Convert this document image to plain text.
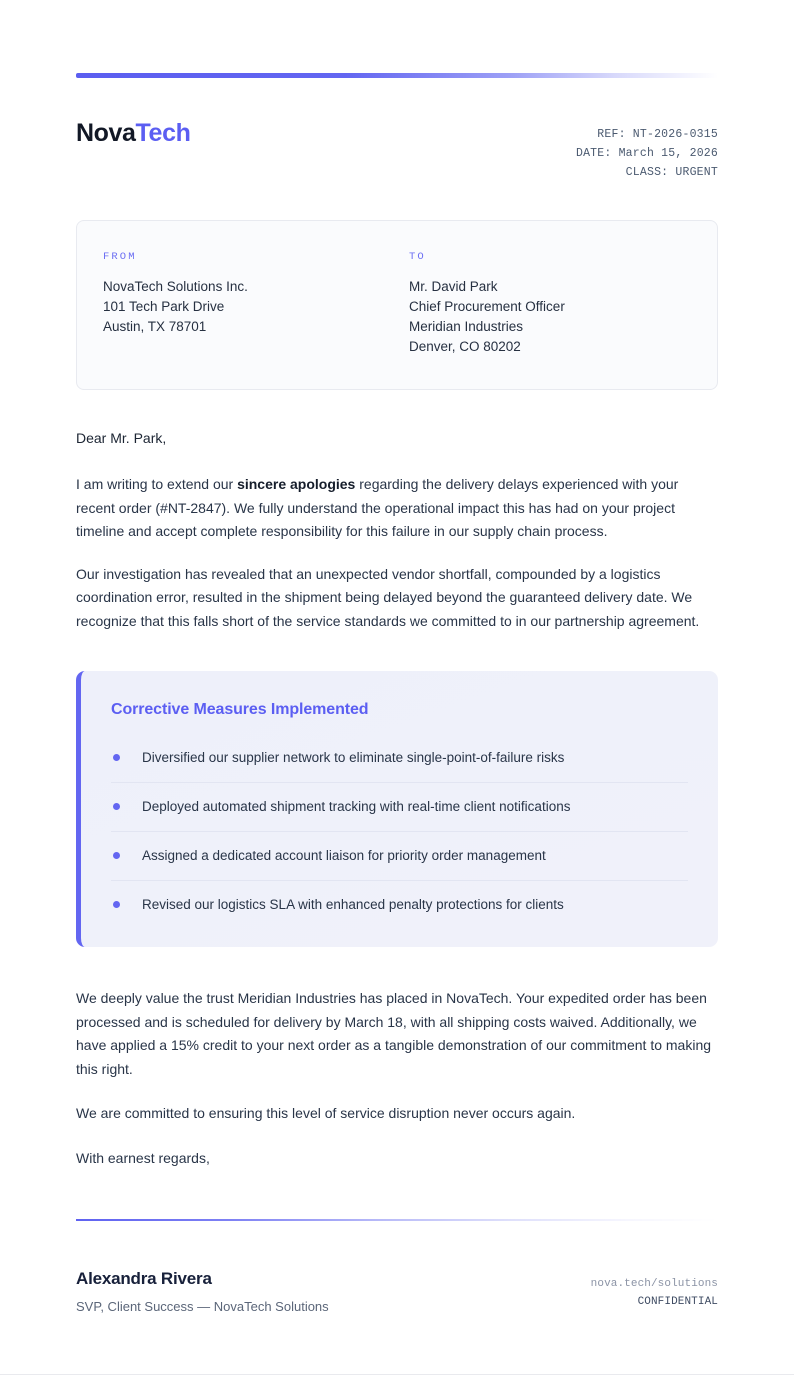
NovaTech	REF: NT-2026-0315
DATE: March 15, 2026
CLASS: URGENT
FROM
NovaTech Solutions Inc.
101 Tech Park Drive
Austin, TX 78701
TO
Mr. David Park
Chief Procurement Officer
Meridian Industries
Denver, CO 80202
Dear Mr. Park,

I am writing to extend our sincere apologies regarding the delivery delays experienced with your recent order (#NT-2847). We fully understand the operational impact this has had on your project timeline and accept complete responsibility for this failure in our supply chain process.

Our investigation has revealed that an unexpected vendor shortfall, compounded by a logistics coordination error, resulted in the shipment being delayed beyond the guaranteed delivery date. We recognize that this falls short of the service standards we committed to in our partnership agreement.

Corrective Measures Implemented
Diversified our supplier network to eliminate single-point-of-failure risks
Deployed automated shipment tracking with real-time client notifications
Assigned a dedicated account liaison for priority order management
Revised our logistics SLA with enhanced penalty protections for clients

We deeply value the trust Meridian Industries has placed in NovaTech. Your expedited order has been processed and is scheduled for delivery by March 18, with all shipping costs waived. Additionally, we have applied a 15% credit to your next order as a tangible demonstration of our commitment to making this right.

We are committed to ensuring this level of service disruption never occurs again.

With earnest regards,

Alexandra Rivera
SVP, Client Success — NovaTech Solutions
nova.tech/solutions
CONFIDENTIAL
